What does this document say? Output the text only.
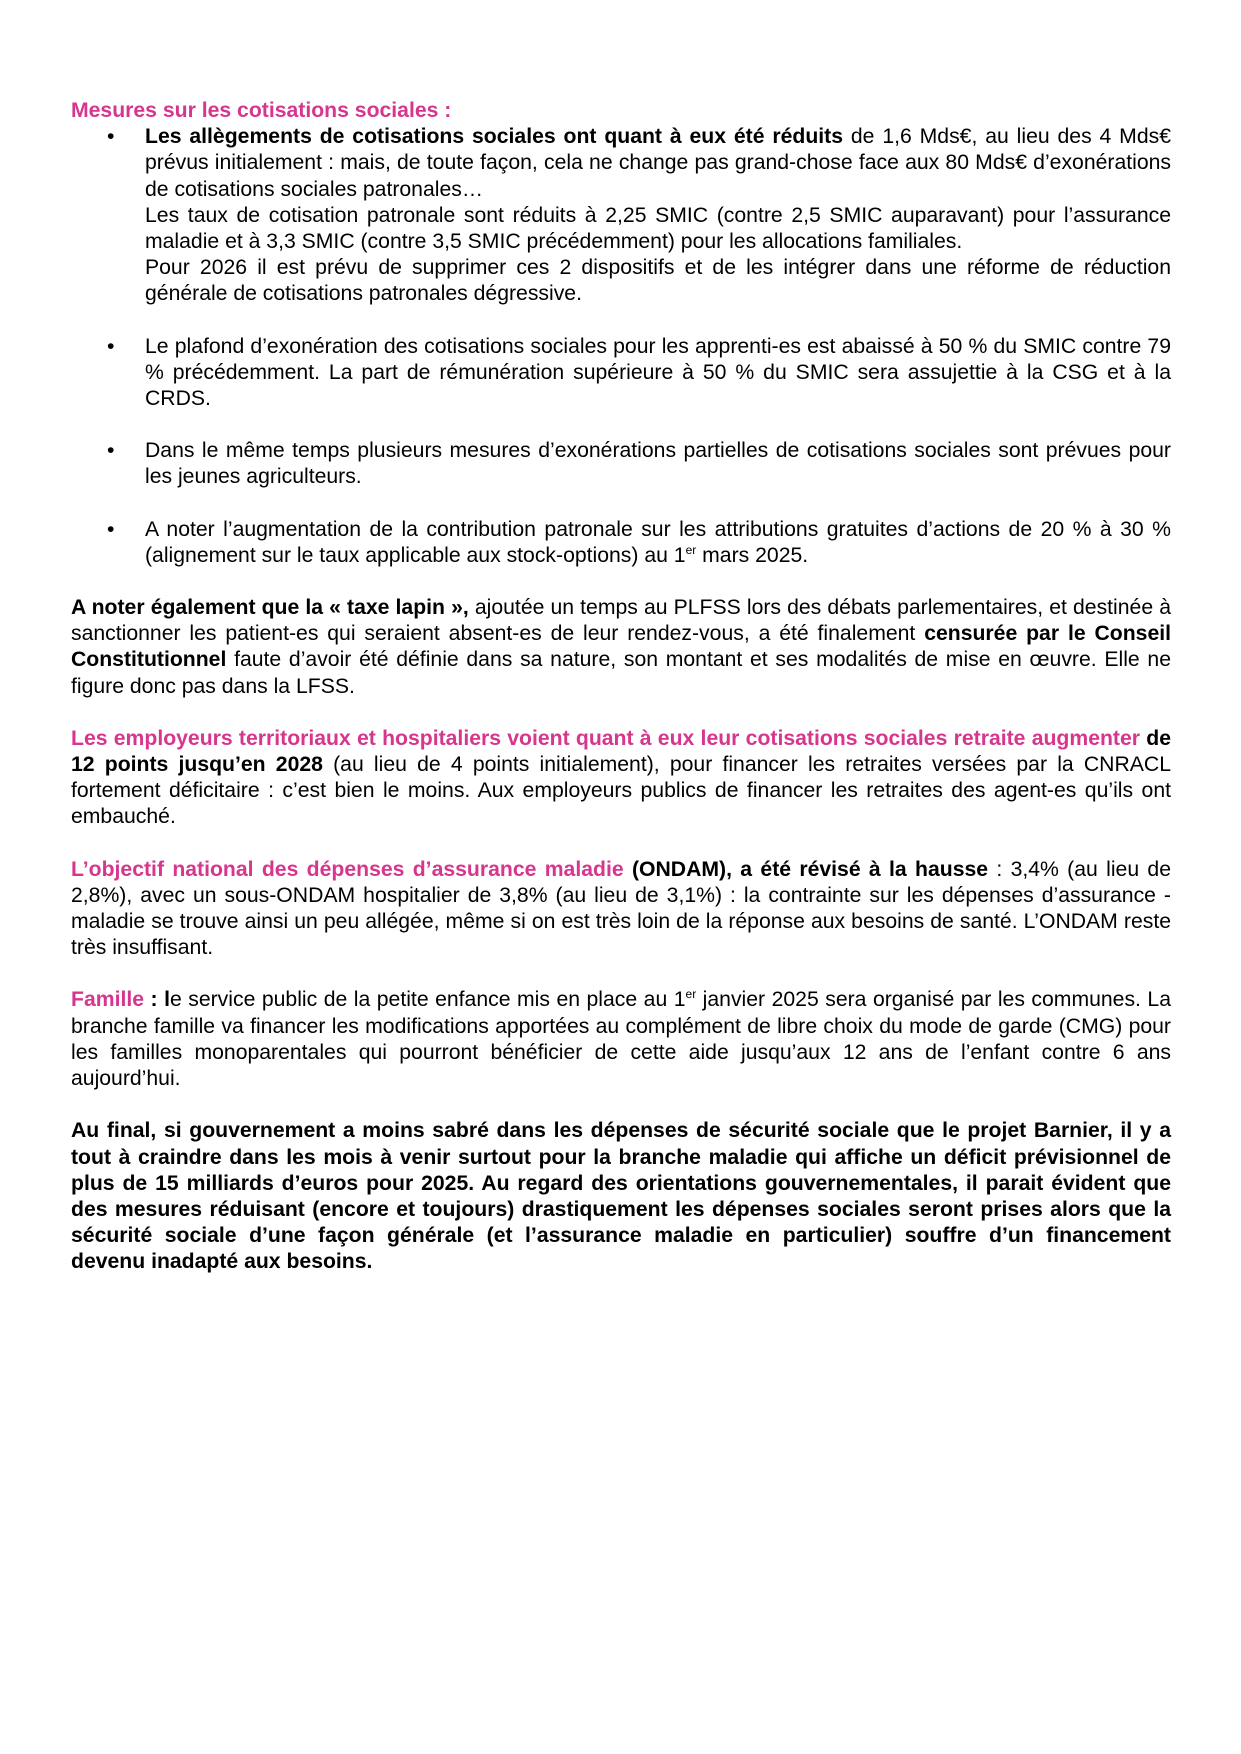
Mesures sur les cotisations sociales :

• Les allègements de cotisations sociales ont quant à eux été réduits de 1,6 Mds€, au lieu des 4 Mds€ prévus initialement : mais, de toute façon, cela ne change pas grand-chose face aux 80 Mds€ d’exonérations de cotisations sociales patronales…
Les taux de cotisation patronale sont réduits à 2,25 SMIC (contre 2,5 SMIC auparavant) pour l’assurance maladie et à 3,3 SMIC (contre 3,5 SMIC précédemment) pour les allocations familiales.
Pour 2026 il est prévu de supprimer ces 2 dispositifs et de les intégrer dans une réforme de réduction générale de cotisations patronales dégressive.
• Le plafond d’exonération des cotisations sociales pour les apprenti-es est abaissé à 50 % du SMIC contre 79 % précédemment. La part de rémunération supérieure à 50 % du SMIC sera assujettie à la CSG et à la CRDS.
• Dans le même temps plusieurs mesures d’exonérations partielles de cotisations sociales sont prévues pour les jeunes agriculteurs.
• A noter l’augmentation de la contribution patronale sur les attributions gratuites d’actions de 20 % à 30 % (alignement sur le taux applicable aux stock-options) au 1er mars 2025.

A noter également que la « taxe lapin », ajoutée un temps au PLFSS lors des débats parlementaires, et destinée à sanctionner les patient-es qui seraient absent-es de leur rendez-vous, a été finalement censurée par le Conseil Constitutionnel faute d’avoir été définie dans sa nature, son montant et ses modalités de mise en œuvre. Elle ne figure donc pas dans la LFSS.

Les employeurs territoriaux et hospitaliers voient quant à eux leur cotisations sociales retraite augmenter de 12 points jusqu’en 2028 (au lieu de 4 points initialement), pour financer les retraites versées par la CNRACL fortement déficitaire : c’est bien le moins. Aux employeurs publics de financer les retraites des agent-es qu’ils ont embauché.

L’objectif national des dépenses d’assurance maladie (ONDAM), a été révisé à la hausse : 3,4% (au lieu de 2,8%), avec un sous-ONDAM hospitalier de 3,8% (au lieu de 3,1%) : la contrainte sur les dépenses d’assurance -maladie se trouve ainsi un peu allégée, même si on est très loin de la réponse aux besoins de santé. L’ONDAM reste très insuffisant.

Famille : le service public de la petite enfance mis en place au 1er janvier 2025 sera organisé par les communes. La branche famille va financer les modifications apportées au complément de libre choix du mode de garde (CMG) pour les familles monoparentales qui pourront bénéficier de cette aide jusqu’aux 12 ans de l’enfant contre 6 ans aujourd’hui.

Au final, si gouvernement a moins sabré dans les dépenses de sécurité sociale que le projet Barnier, il y a tout à craindre dans les mois à venir surtout pour la branche maladie qui affiche un déficit prévisionnel de plus de 15 milliards d’euros pour 2025. Au regard des orientations gouvernementales, il parait évident que des mesures réduisant (encore et toujours) drastiquement les dépenses sociales seront prises alors que la sécurité sociale d’une façon générale (et l’assurance maladie en particulier) souffre d’un financement devenu inadapté aux besoins.
